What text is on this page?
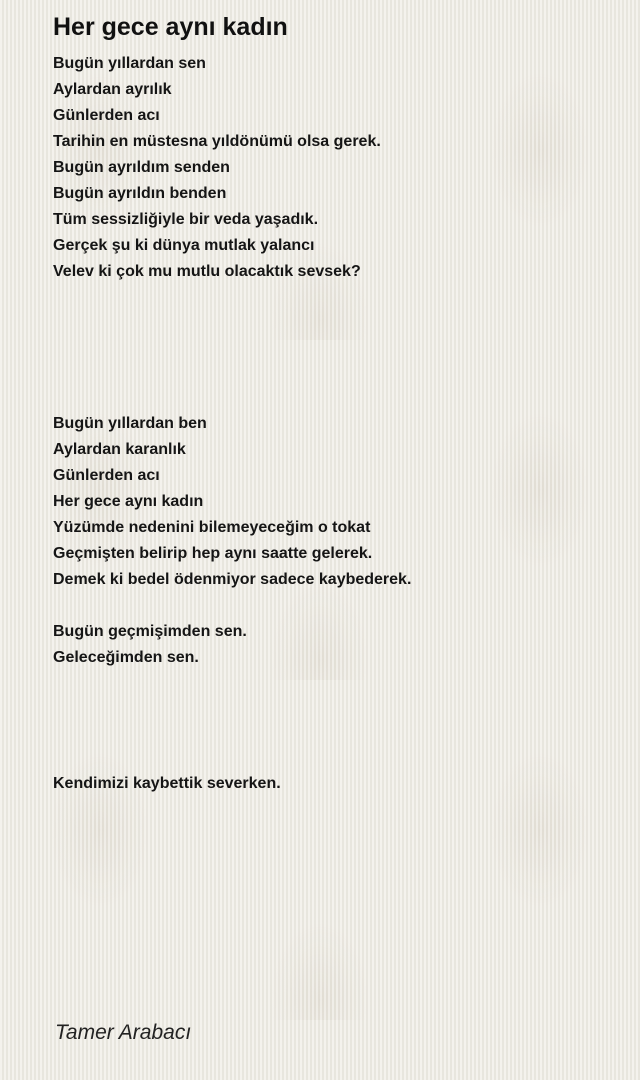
Her gece aynı kadın
Bugün yıllardan sen
Aylardan ayrılık
Günlerden acı
Tarihin en müstesna yıldönümü olsa gerek.
Bugün ayrıldım senden
Bugün ayrıldın benden
Tüm sessizliğiyle bir veda yaşadık.
Gerçek şu ki dünya mutlak yalancı
Velev ki çok mu mutlu olacaktık sevsek?
Bugün yıllardan ben
Aylardan karanlık
Günlerden acı
Her gece aynı kadın
Yüzümde nedenini bilemeyeceğim o tokat
Geçmişten belirip hep aynı saatte gelerek.
Demek ki bedel ödenmiyor sadece kaybederek.
Bugün geçmişimden sen.
Geleceğimden sen.
Kendimizi kaybettik severken.
Tamer Arabacı
